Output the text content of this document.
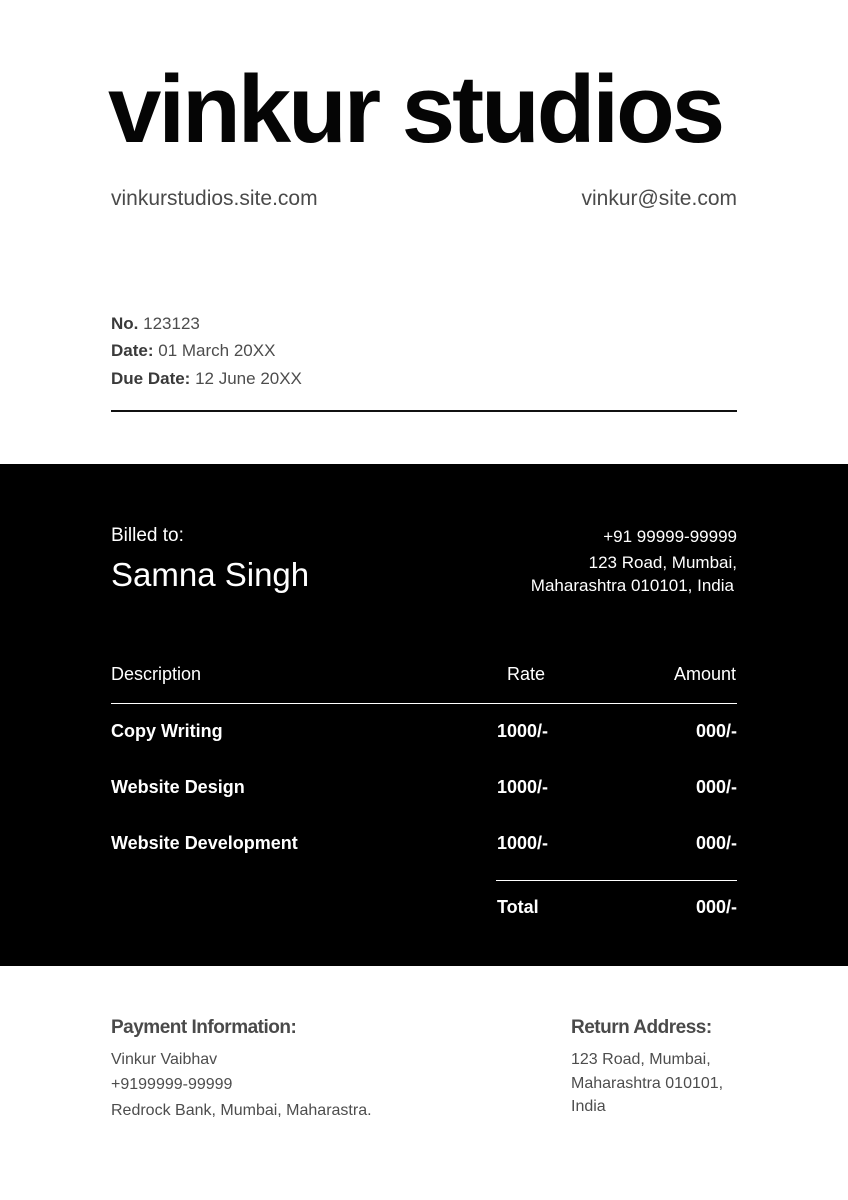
vinkur studios
vinkurstudios.site.com	vinkur@site.com
No. 123123
Date: 01 March 20XX
Due Date: 12 June 20XX
Billed to:
Samna Singh
+91 99999-99999
123 Road, Mumbai,
Maharashtra 010101, India
Description	Rate	Amount
Copy Writing	1000/-	000/-
Website Design	1000/-	000/-
Website Development	1000/-	000/-
Total	000/-
Payment Information:
Vinkur Vaibhav
+9199999-99999
Redrock Bank, Mumbai, Maharastra.
Return Address:
123 Road, Mumbai,
Maharashtra 010101,
India
